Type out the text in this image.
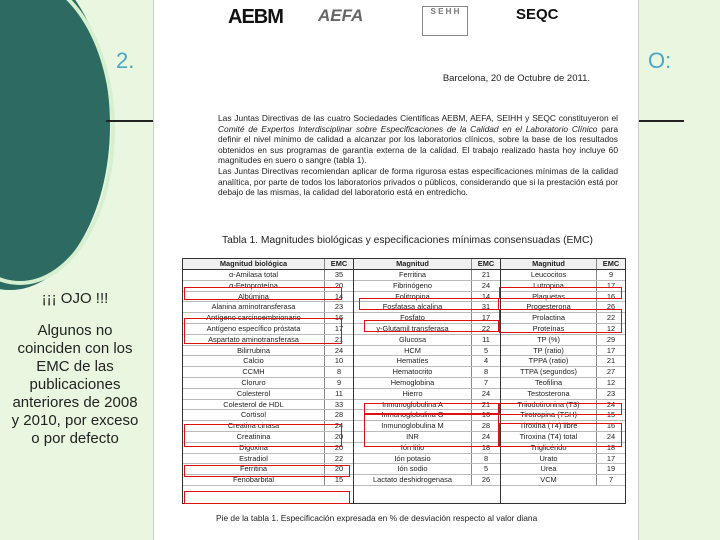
2.	O:
¡¡¡ OJO !!!
Algunos no coinciden con los EMC de las publicaciones anteriores de 2008 y 2010, por exceso o por defecto
AEBM AEFA	S E H H	SEQC
Barcelona, 20 de Octubre de 2011.

Las Juntas Directivas de las cuatro Sociedades Científicas AEBM, AEFA, SEIHH y SEQC constituyeron el Comité de Expertos Interdisciplinar sobre Especificaciones de la Calidad en el Laboratorio Clínico para definir el nivel mínimo de calidad a alcanzar por los laboratorios clínicos, sobre la base de los resultados obtenidos en sus programas de garantía externa de la calidad. El trabajo realizado hasta hoy incluye 60 magnitudes en suero o sangre (tabla 1).

Las Juntas Directivas recomiendan aplicar de forma rigurosa estas especificaciones mínimas de la calidad analítica, por parte de todos los laboratorios privados o públicos, considerando que si la prestación está por debajo de las mismas, la calidad del laboratorio está en entredicho.

Tabla 1. Magnitudes biológicas y especificaciones mínimas consensuadas (EMC)
Magnitud biológica	EMC
α-Amilasa total	35
α-Fetoproteína	20
Albúmina	14
Alanina aminotransferasa	23
Antígeno carcinoembrionario	16
Antígeno específico próstata	17
Aspartato aminotransferasa	21
Bilirrubina	24
Calcio	10
CCMH	8
Cloruro	9
Colesterol	11
Colesterol de HDL	33
Cortisol	28
Creatina cinasa	24
Creatinina	20
Digoxina	20
Estradiol	22
Ferritina	20
Fenobarbital	15
Magnitud	EMC
Ferritina	21
Fibrinógeno	24
Folitropina	14
Fosfatasa alcalina	31
Fosfato	17
γ-Glutamil transferasa	22
Glucosa	11
HCM	5
Hematíes	4
Hematocrito	8
Hemoglobina	7
Hierro	24
Inmunoglobulina A	21
Inmunoglobulina G	16
Inmunoglobulina M	28
INR	24
Ión litio	18
Ión potasio	8
Ión sodio	5
Lactato deshidrogenasa	26
Magnitud	EMC
Leucocitos	9
Lutropina	17
Plaquetas	16
Progesterona	26
Prolactina	22
Proteínas	12
TP (%)	29
TP (ratio)	17
TPPA (ratio)	21
TTPA (segundos)	27
Teofilina	12
Testosterona	23
Triiodotironina (T3)	24
Tirotropina (TSH)	15
Tiroxina (T4) libre	16
Tiroxina (T4) total	24
Triglicérido	18
Urato	17
Urea	19
VCM	7
Pie de la tabla 1. Especificación expresada en % de desviación respecto al valor diana
